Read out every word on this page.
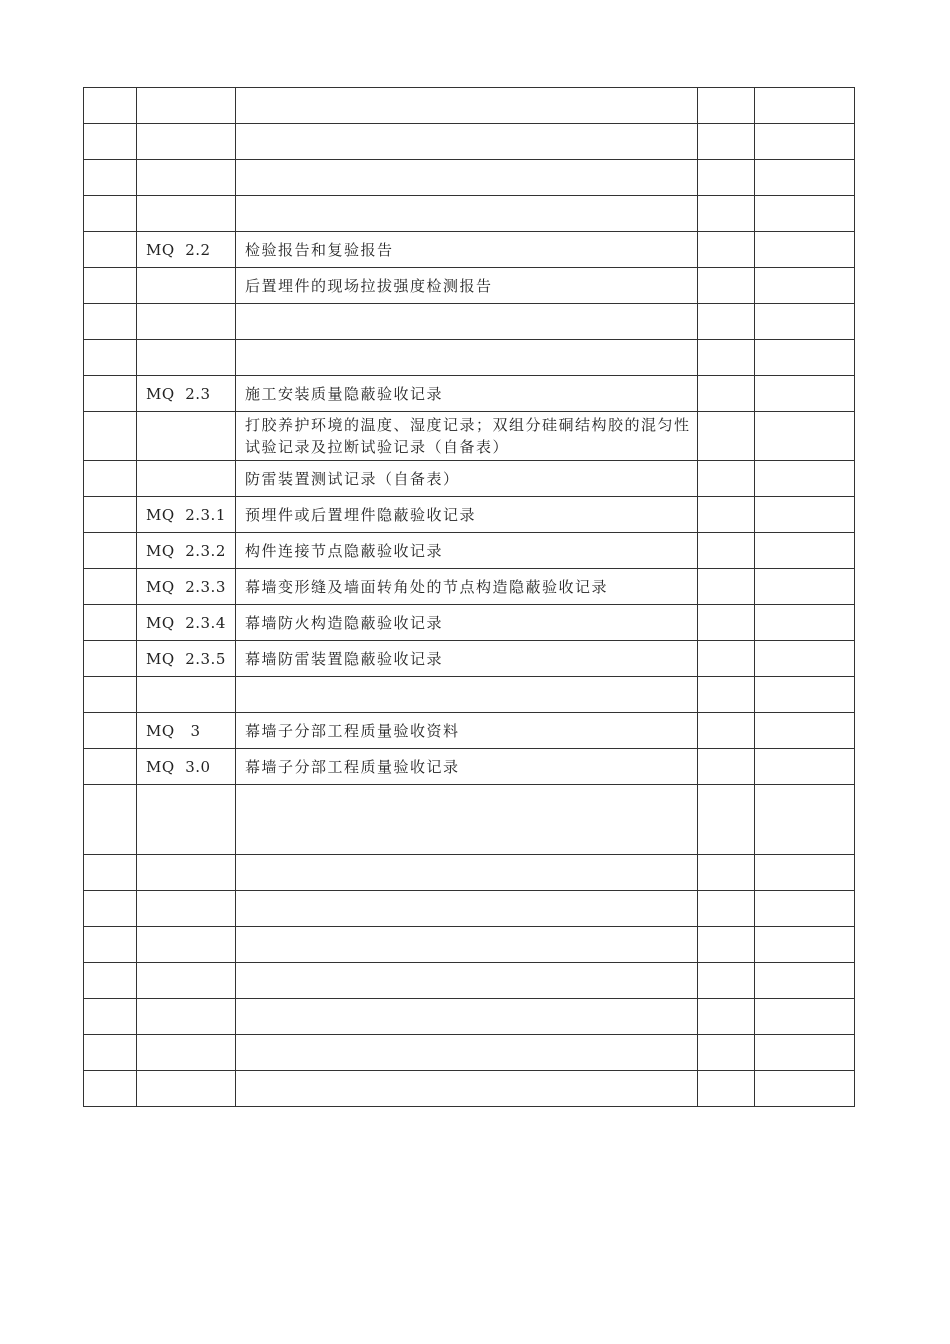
	MQ  2.2	检验报告和复验报告		
		后置埋件的现场拉拔强度检测报告		

	MQ  2.3	施工安装质量隐蔽验收记录		
		打胶养护环境的温度、湿度记录；双组分硅硐结构胶的混匀性试验记录及拉断试验记录（自备表）		
		防雷装置测试记录（自备表）		
	MQ  2.3.1	预埋件或后置埋件隐蔽验收记录		
	MQ  2.3.2	构件连接节点隐蔽验收记录		
	MQ  2.3.3	幕墙变形缝及墙面转角处的节点构造隐蔽验收记录		
	MQ  2.3.4	幕墙防火构造隐蔽验收记录		
	MQ  2.3.5	幕墙防雷装置隐蔽验收记录		

	MQ   3	幕墙子分部工程质量验收资料		
	MQ  3.0	幕墙子分部工程质量验收记录		
